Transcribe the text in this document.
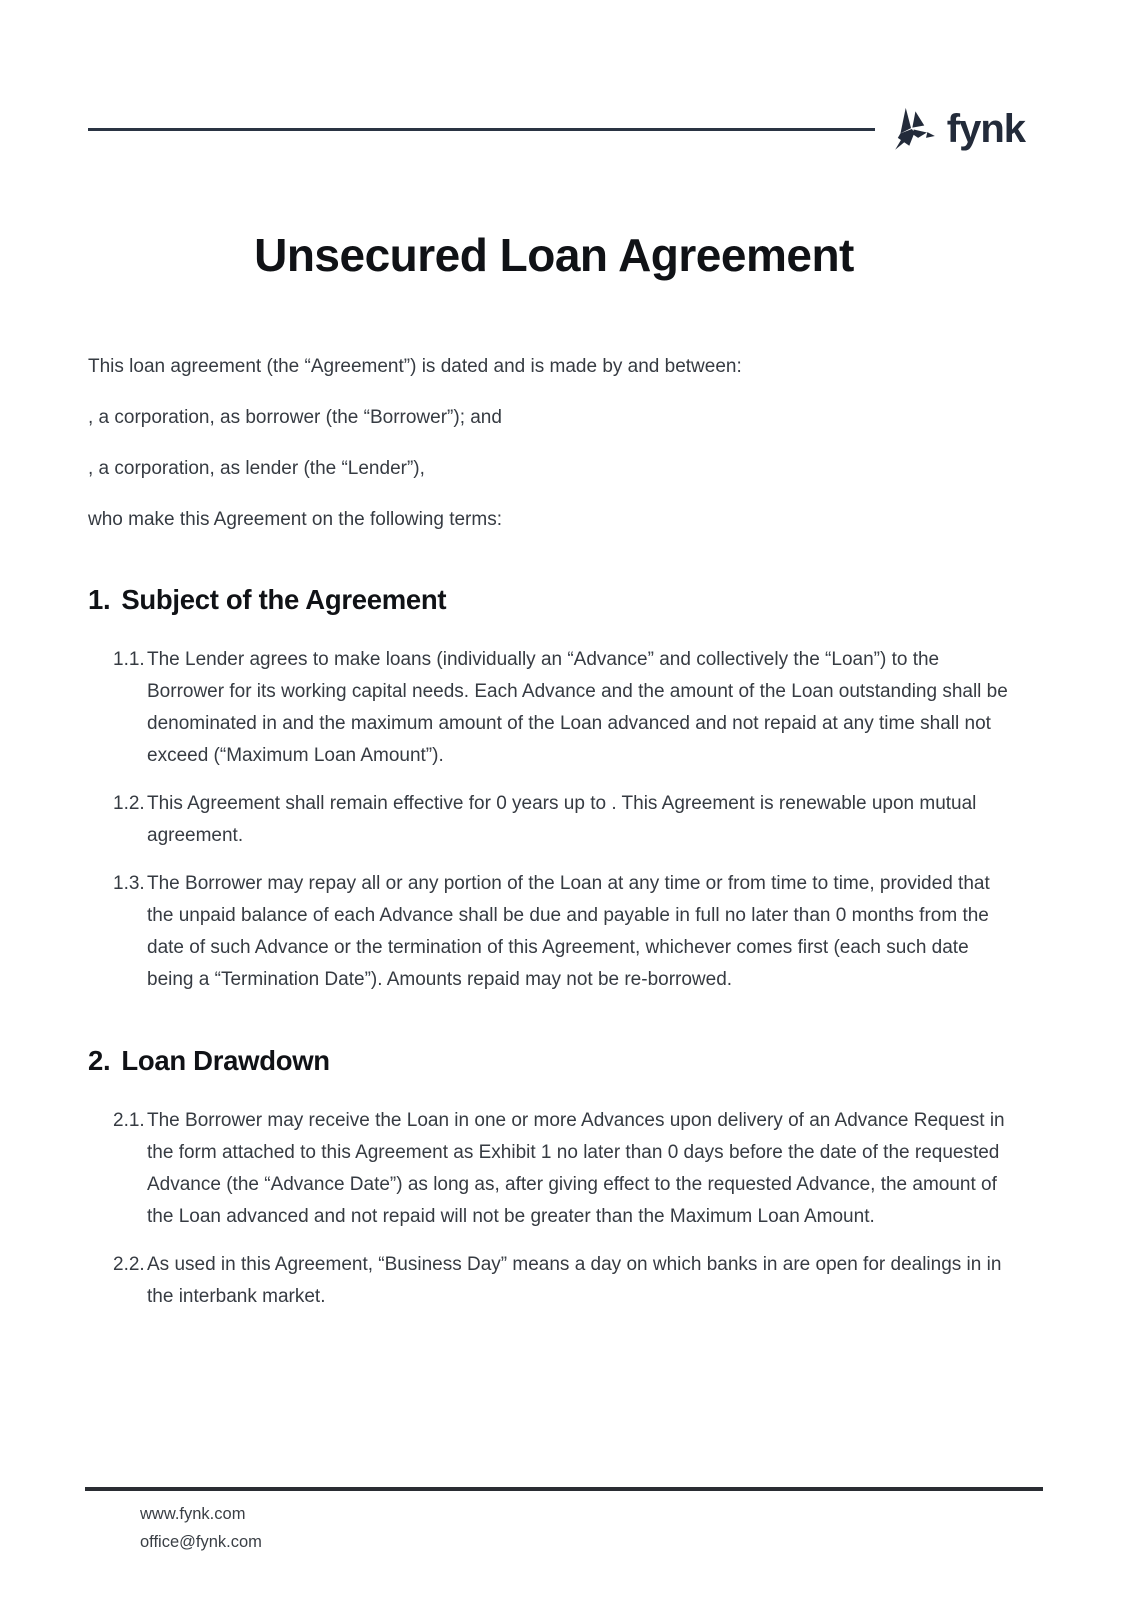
fynk
Unsecured Loan Agreement

This loan agreement (the “Agreement”) is dated and is made by and between:

, a corporation, as borrower (the “Borrower”); and

, a corporation, as lender (the “Lender”),

who make this Agreement on the following terms:

1. Subject of the Agreement
1.1. The Lender agrees to make loans (individually an “Advance” and collectively the “Loan”) to the Borrower for its working capital needs. Each Advance and the amount of the Loan outstanding shall be denominated in and the maximum amount of the Loan advanced and not repaid at any time shall not exceed (“Maximum Loan Amount”).
1.2. This Agreement shall remain effective for 0 years up to . This Agreement is renewable upon mutual agreement.
1.3. The Borrower may repay all or any portion of the Loan at any time or from time to time, provided that the unpaid balance of each Advance shall be due and payable in full no later than 0 months from the date of such Advance or the termination of this Agreement, whichever comes first (each such date being a “Termination Date”). Amounts repaid may not be re-borrowed.
2. Loan Drawdown
2.1. The Borrower may receive the Loan in one or more Advances upon delivery of an Advance Request in the form attached to this Agreement as Exhibit 1 no later than 0 days before the date of the requested Advance (the “Advance Date”) as long as, after giving effect to the requested Advance, the amount of the Loan advanced and not repaid will not be greater than the Maximum Loan Amount.
2.2. As used in this Agreement, “Business Day” means a day on which banks in are open for dealings in in the interbank market.
www.fynk.com
office@fynk.com
